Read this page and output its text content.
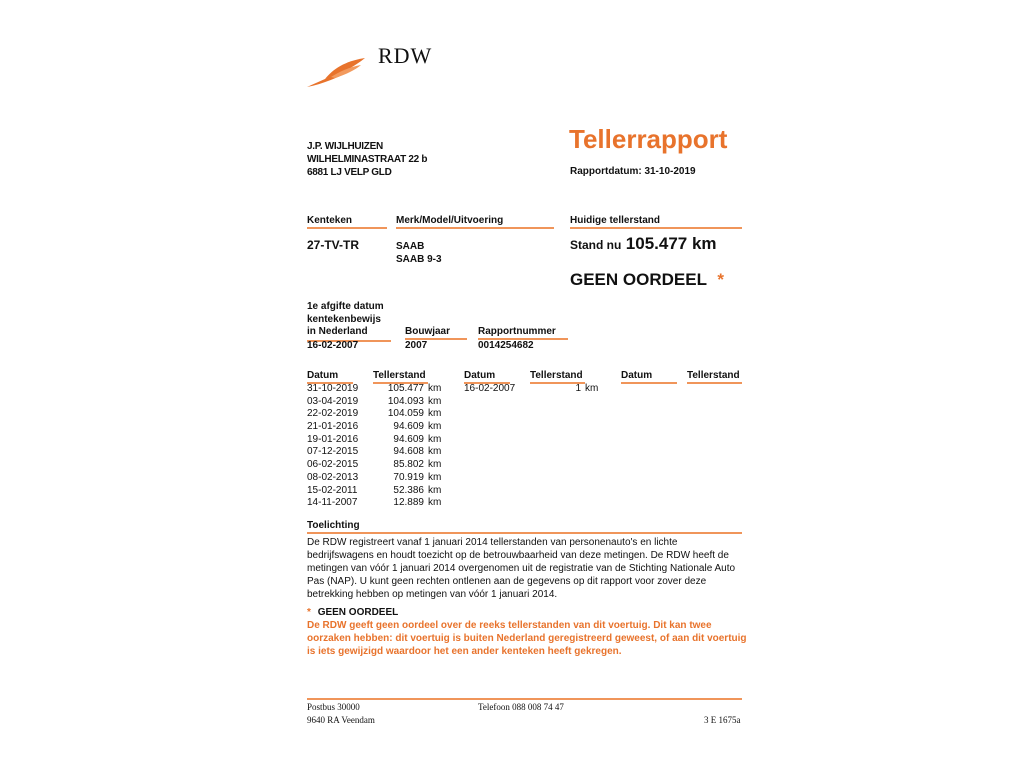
RDW
J.P. WIJLHUIZEN
WILHELMINASTRAAT 22 b
6881 LJ VELP GLD
Tellerrapport
Rapportdatum: 31-10-2019
Kenteken	Merk/Model/Uitvoering	Huidige tellerstand
27-TV-TR	SAAB
SAAB 9-3
Stand nu 105.477 km
GEEN OORDEEL *
1e afgifte datum
kentekenbewijs
in Nederland
16-02-2007
Bouwjaar
2007
Rapportnummer
0014254682
Datum	Tellerstand	Datum	Tellerstand	Datum	Tellerstand
31-10-2019	105.477 km
03-04-2019	104.093 km
22-02-2019	104.059 km
21-01-2016	94.609 km
19-01-2016	94.609 km
07-12-2015	94.608 km
06-02-2015	85.802 km
08-02-2013	70.919 km
15-02-2011	52.386 km
14-11-2007	12.889 km
16-02-2007	1 km
Toelichting
De RDW registreert vanaf 1 januari 2014 tellerstanden van personenauto's en lichte
bedrijfswagens en houdt toezicht op de betrouwbaarheid van deze metingen. De RDW heeft de
metingen van vóór 1 januari 2014 overgenomen uit de registratie van de Stichting Nationale Auto
Pas (NAP). U kunt geen rechten ontlenen aan de gegevens op dit rapport voor zover deze
betrekking hebben op metingen van vóór 1 januari 2014.
* GEEN OORDEEL
De RDW geeft geen oordeel over de reeks tellerstanden van dit voertuig. Dit kan twee
oorzaken hebben: dit voertuig is buiten Nederland geregistreerd geweest, of aan dit voertuig
is iets gewijzigd waardoor het een ander kenteken heeft gekregen.
Postbus 30000
9640 RA Veendam
Telefoon 088 008 74 47
3 E 1675a
